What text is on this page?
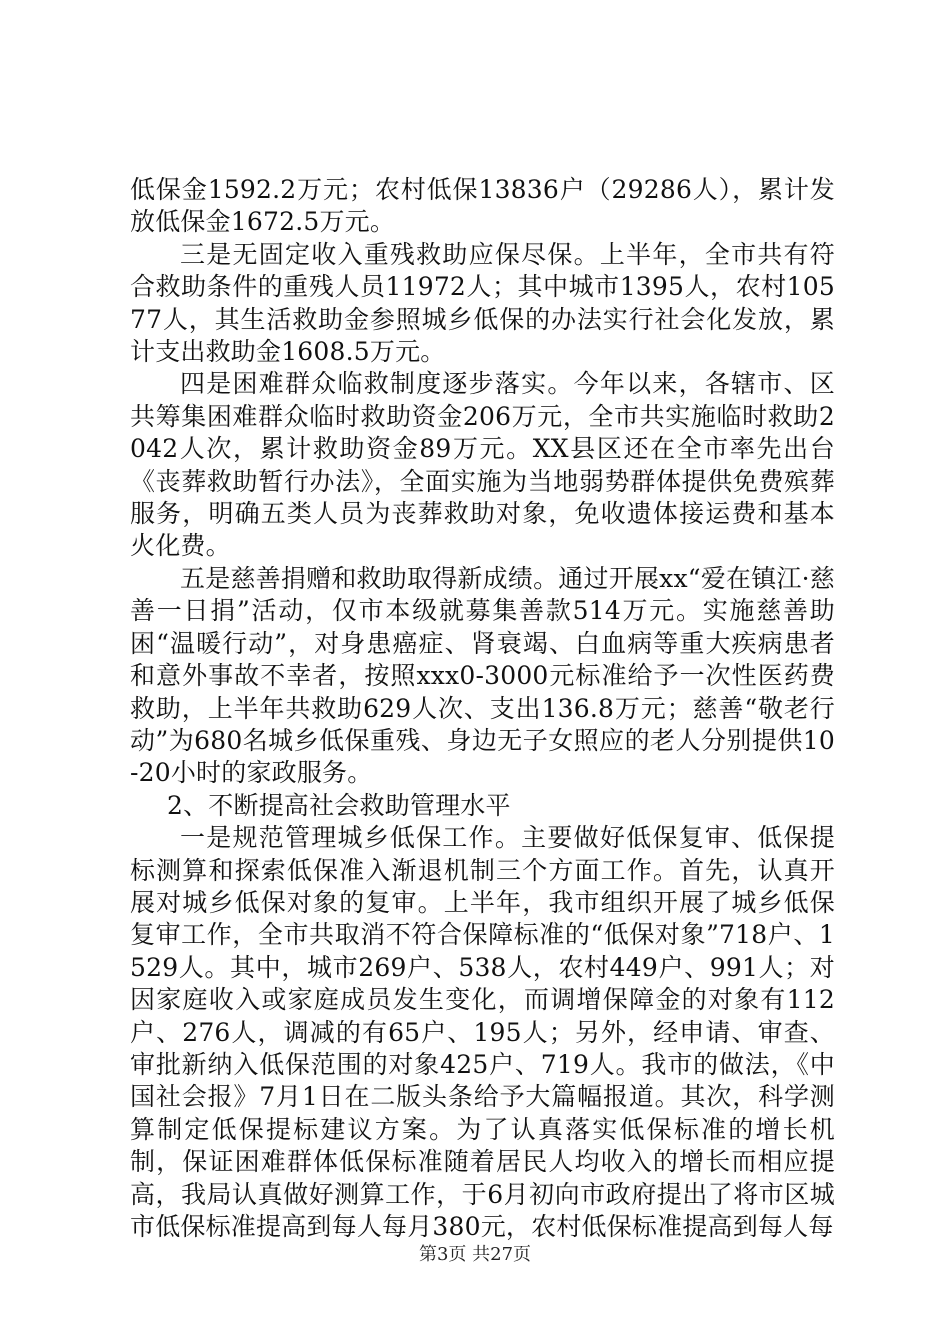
低保金1592.2万元；农村低保13836户（29286人），累计发放低保金1672.5万元。

三是无固定收入重残救助应保尽保。上半年，全市共有符合救助条件的重残人员11972人；其中城市1395人，农村10577人，其生活救助金参照城乡低保的办法实行社会化发放，累计支出救助金1608.5万元。

四是困难群众临救制度逐步落实。今年以来，各辖市、区共筹集困难群众临时救助资金206万元，全市共实施临时救助2042人次，累计救助资金89万元。XX县区还在全市率先出台《丧葬救助暂行办法》，全面实施为当地弱势群体提供免费殡葬服务，明确五类人员为丧葬救助对象，免收遗体接运费和基本火化费。

五是慈善捐赠和救助取得新成绩。通过开展xx“爱在镇江·慈善一日捐”活动，仅市本级就募集善款514万元。实施慈善助困“温暖行动”，对身患癌症、肾衰竭、白血病等重大疾病患者和意外事故不幸者，按照xxx0-3000元标准给予一次性医药费救助，上半年共救助629人次、支出136.8万元；慈善“敬老行动”为680名城乡低保重残、身边无子女照应的老人分别提供10-20小时的家政服务。

2、不断提高社会救助管理水平

一是规范管理城乡低保工作。主要做好低保复审、低保提标测算和探索低保准入渐退机制三个方面工作。首先，认真开展对城乡低保对象的复审。上半年，我市组织开展了城乡低保复审工作，全市共取消不符合保障标准的“低保对象”718户、1529人。其中，城市269户、538人，农村449户、991人；对因家庭收入或家庭成员发生变化，而调增保障金的对象有112户、276人，调减的有65户、195人；另外，经申请、审查、审批新纳入低保范围的对象425户、719人。我市的做法，《中国社会报》7月1日在二版头条给予大篇幅报道。其次，科学测算制定低保提标建议方案。为了认真落实低保标准的增长机制，保证困难群体低保标准随着居民人均收入的增长而相应提高，我局认真做好测算工作，于6月初向市政府提出了将市区城市低保标准提高到每人每月380元，农村低保标准提高到每人每

第3页 共27页
